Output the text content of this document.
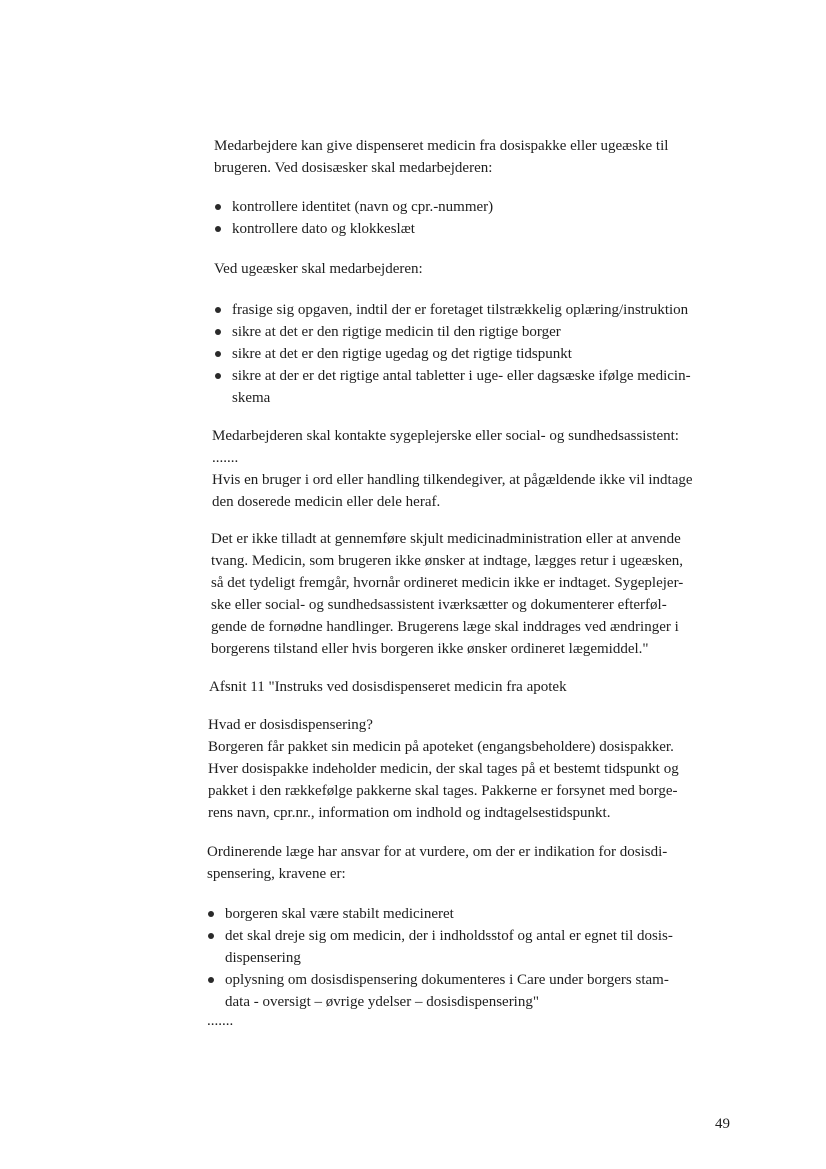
Medarbejdere kan give dispenseret medicin fra dosispakke eller ugeæske til
brugeren. Ved dosisæsker skal medarbejderen:
kontrollere identitet (navn og cpr.-nummer)
kontrollere dato og klokkeslæt
Ved ugeæsker skal medarbejderen:
frasige sig opgaven, indtil der er foretaget tilstrækkelig oplæring/instruktion
sikre at det er den rigtige medicin til den rigtige borger
sikre at det er den rigtige ugedag og det rigtige tidspunkt
sikre at der er det rigtige antal tabletter i uge- eller dagsæske ifølge medicin-
skema
Medarbejderen skal kontakte sygeplejerske eller social- og sundhedsassistent:
.......
Hvis en bruger i ord eller handling tilkendegiver, at pågældende ikke vil indtage
den doserede medicin eller dele heraf.
Det er ikke tilladt at gennemføre skjult medicinadministration eller at anvende
tvang. Medicin, som brugeren ikke ønsker at indtage, lægges retur i ugeæsken,
så det tydeligt fremgår, hvornår ordineret medicin ikke er indtaget. Sygeplejer-
ske eller social- og sundhedsassistent iværksætter og dokumenterer efterføl-
gende de fornødne handlinger. Brugerens læge skal inddrages ved ændringer i
borgerens tilstand eller hvis borgeren ikke ønsker ordineret lægemiddel."
Afsnit 11 "Instruks ved dosisdispenseret medicin fra apotek
Hvad er dosisdispensering?
Borgeren får pakket sin medicin på apoteket (engangsbeholdere) dosispakker.
Hver dosispakke indeholder medicin, der skal tages på et bestemt tidspunkt og
pakket i den rækkefølge pakkerne skal tages. Pakkerne er forsynet med borge-
rens navn, cpr.nr., information om indhold og indtagelsestidspunkt.
Ordinerende læge har ansvar for at vurdere, om der er indikation for dosisdi-
spensering, kravene er:
borgeren skal være stabilt medicineret
det skal dreje sig om medicin, der i indholdsstof og antal er egnet til dosis-
dispensering
oplysning om dosisdispensering dokumenteres i Care under borgers stam-
data - oversigt – øvrige ydelser – dosisdispensering"
.......
49
